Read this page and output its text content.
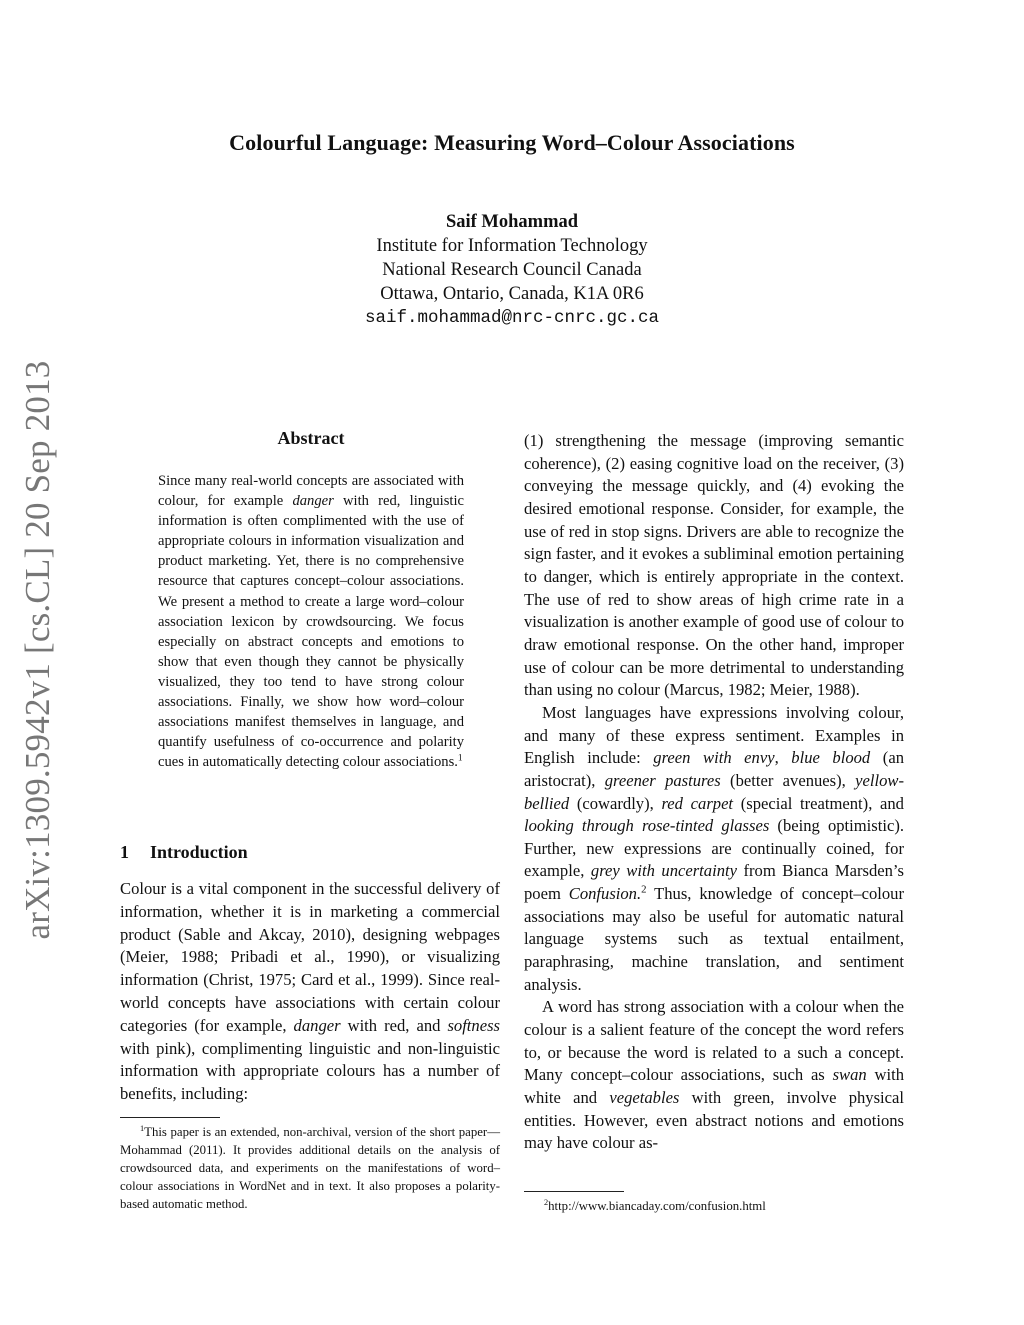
Colourful Language: Measuring Word–Colour Associations
Saif Mohammad
Institute for Information Technology
National Research Council Canada
Ottawa, Ontario, Canada, K1A 0R6
saif.mohammad@nrc-cnrc.gc.ca
arXiv:1309.5942v1 [cs.CL] 20 Sep 2013	Abstract
Since many real-world concepts are associated with colour, for example danger with red, linguistic information is often complimented with the use of appropriate colours in information visualization and product marketing. Yet, there is no comprehensive resource that captures concept–colour associations. We present a method to create a large word–colour association lexicon by crowdsourcing. We focus especially on abstract concepts and emotions to show that even though they cannot be physically visualized, they too tend to have strong colour associations. Finally, we show how word–colour associations manifest themselves in language, and quantify usefulness of co-occurrence and polarity cues in automatically detecting colour associations.$^1$
1 Introduction
Colour is a vital component in the successful delivery of information, whether it is in marketing a commercial product (Sable and Akcay, 2010), designing webpages (Meier, 1988; Pribadi et al., 1990), or visualizing information (Christ, 1975; Card et al., 1999). Since real-world concepts have associations with certain colour categories (for example, danger with red, and softness with pink), complimenting linguistic and non-linguistic information with appropriate colours has a number of benefits, including:

(1) strengthening the message (improving semantic coherence), (2) easing cognitive load on the receiver, (3) conveying the message quickly, and (4) evoking the desired emotional response. Consider, for example, the use of red in stop signs. Drivers are able to recognize the sign faster, and it evokes a subliminal emotion pertaining to danger, which is entirely appropriate in the context. The use of red to show areas of high crime rate in a visualization is another example of good use of colour to draw emotional response. On the other hand, improper use of colour can be more detrimental to understanding than using no colour (Marcus, 1982; Meier, 1988).

Most languages have expressions involving colour, and many of these express sentiment. Examples in English include: green with envy, blue blood (an aristocrat), greener pastures (better avenues), yellow-bellied (cowardly), red carpet (special treatment), and looking through rose-tinted glasses (being optimistic). Further, new expressions are continually coined, for example, grey with uncertainty from Bianca Marsden’s poem Confusion.$^2$ Thus, knowledge of concept–colour associations may also be useful for automatic natural language systems such as textual entailment, paraphrasing, machine translation, and sentiment analysis.

A word has strong association with a colour when the colour is a salient feature of the concept the word refers to, or because the word is related to a such a concept. Many concept–colour associations, such as swan with white and vegetables with green, involve physical entities. However, even abstract notions and emotions may have colour as-

$^1$This paper is an extended, non-archival, version of the short paper—Mohammad (2011). It provides additional details on the analysis of crowdsourced data, and experiments on the manifestations of word–colour associations in WordNet and in text. It also proposes a polarity-based automatic method.	$^2$http://www.biancaday.com/confusion.html
